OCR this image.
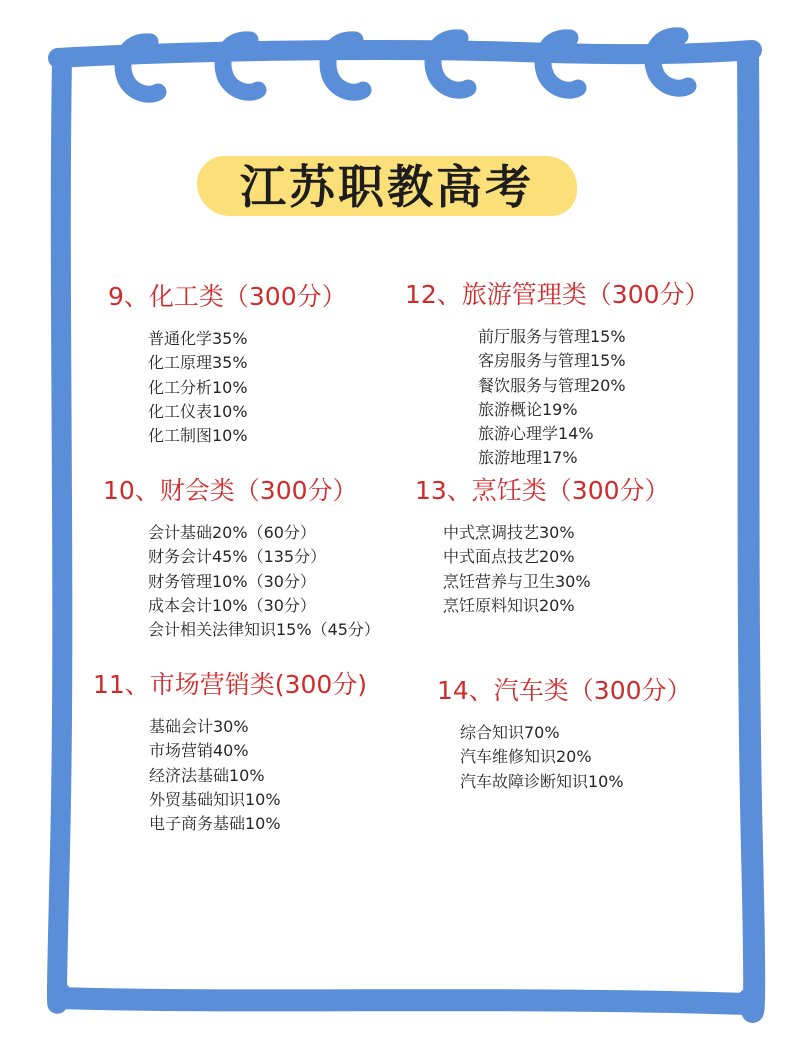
江苏职教高考
9、化工类（300分）
普通化学35%
化工原理35%
化工分析10%
化工仪表10%
化工制图10%
10、财会类（300分）
会计基础20%（60分）
财务会计45%（135分）
财务管理10%（30分）
成本会计10%（30分）
会计相关法律知识15%（45分）
11、市场营销类(300分)
基础会计30%
市场营销40%
经济法基础10%
外贸基础知识10%
电子商务基础10%
12、旅游管理类（300分）
前厅服务与管理15%
客房服务与管理15%
餐饮服务与管理20%
旅游概论19%
旅游心理学14%
旅游地理17%
13、烹饪类（300分）
中式烹调技艺30%
中式面点技艺20%
烹饪营养与卫生30%
烹饪原料知识20%
14、汽车类（300分）
综合知识70%
汽车维修知识20%
汽车故障诊断知识10%
